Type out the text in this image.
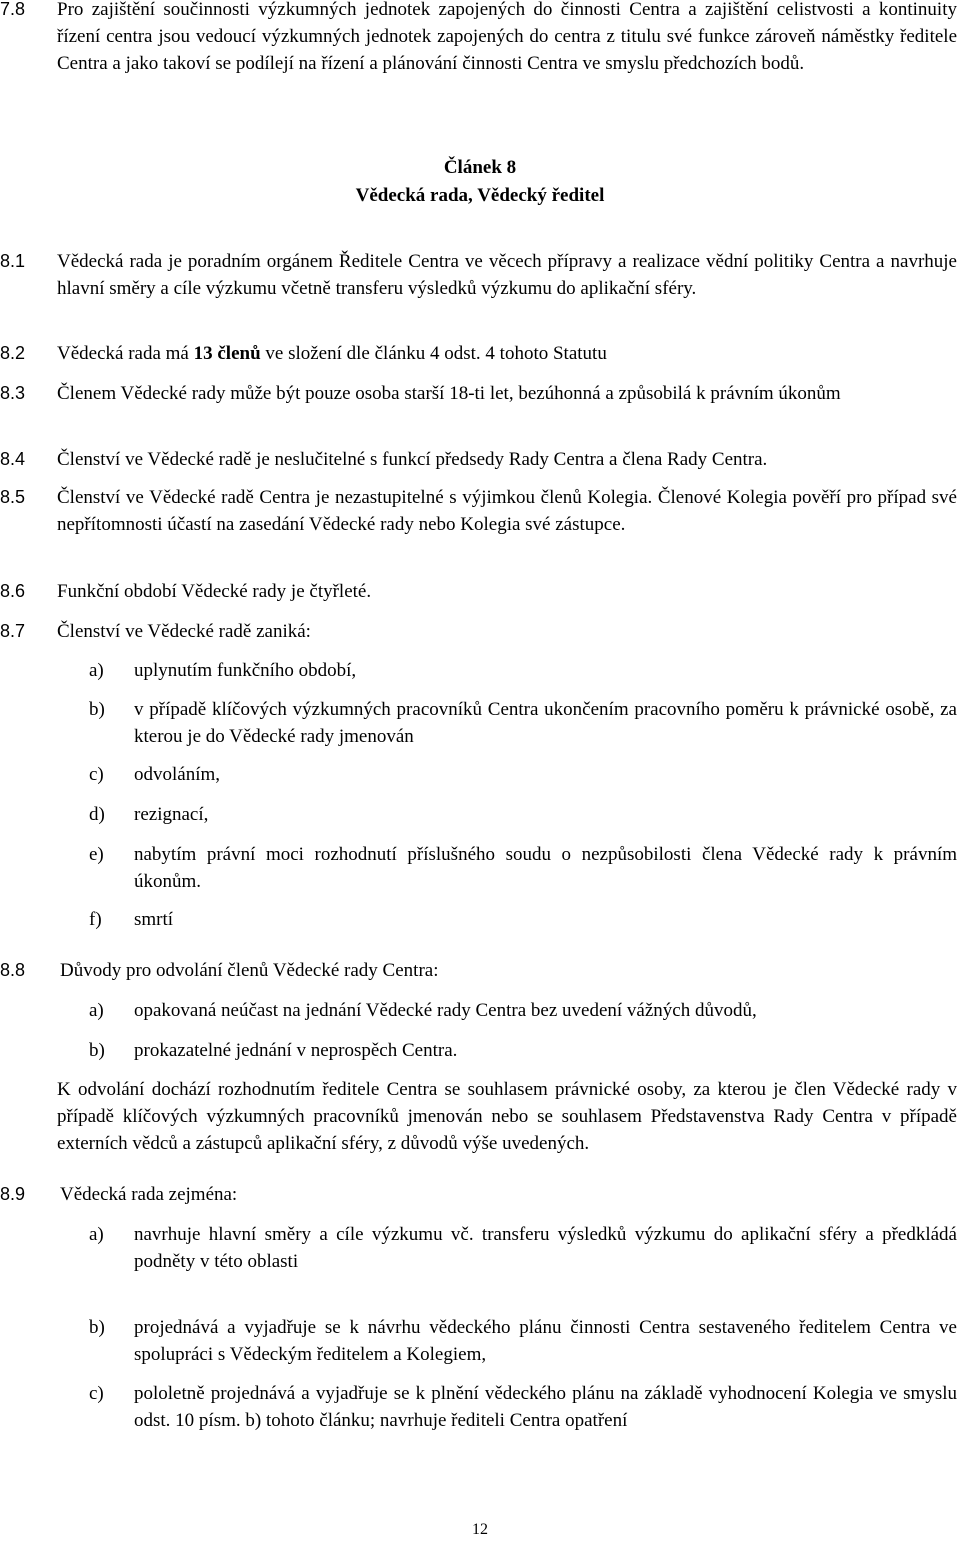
7.8	Pro zajištění součinnosti výzkumných jednotek zapojených do činnosti Centra a zajištění celistvosti a kontinuity řízení centra jsou vedoucí výzkumných jednotek zapojených do centra z titulu své funkce zároveň náměstky ředitele Centra a jako takoví se podílejí na řízení a plánování činnosti Centra ve smyslu předchozích bodů.
Článek 8
Vědecká rada, Vědecký ředitel
8.1	Vědecká rada je poradním orgánem Ředitele Centra ve věcech přípravy a realizace vědní politiky Centra a navrhuje hlavní směry a cíle výzkumu včetně transferu výsledků výzkumu do aplikační sféry.
8.2	Vědecká rada má 13 členů ve složení dle článku 4 odst. 4 tohoto Statutu
8.3	Členem Vědecké rady může být pouze osoba starší 18-ti let, bezúhonná a způsobilá k právním úkonům
8.4	Členství ve Vědecké radě je neslučitelné s funkcí předsedy Rady Centra a člena Rady Centra.
8.5	Členství ve Vědecké radě Centra je nezastupitelné s výjimkou členů Kolegia. Členové Kolegia pověří pro případ své nepřítomnosti účastí na zasedání Vědecké rady nebo Kolegia své zástupce.
8.6	Funkční období Vědecké rady je čtyřleté.
8.7	Členství ve Vědecké radě zaniká:
a)	uplynutím funkčního období,
b)	v případě klíčových výzkumných pracovníků Centra ukončením pracovního poměru k právnické osobě, za kterou je do Vědecké rady jmenován
c)	odvoláním,
d)	rezignací,
e)	nabytím právní moci rozhodnutí příslušného soudu o nezpůsobilosti člena Vědecké rady k právním úkonům.
f)	smrtí
8.8	Důvody pro odvolání členů Vědecké rady Centra:
a)	opakovaná neúčast na jednání Vědecké rady Centra bez uvedení vážných důvodů,
b)	prokazatelné jednání v neprospěch Centra.
K odvolání dochází rozhodnutím ředitele Centra se souhlasem právnické osoby, za kterou je člen Vědecké rady v případě klíčových výzkumných pracovníků jmenován nebo se souhlasem Představenstva Rady Centra v případě externích vědců a zástupců aplikační sféry, z důvodů výše uvedených.
8.9	Vědecká rada zejména:
a)	navrhuje hlavní směry a cíle výzkumu vč. transferu výsledků výzkumu do aplikační sféry a předkládá podněty v této oblasti
b)	projednává a vyjadřuje se k návrhu vědeckého plánu činnosti Centra sestaveného ředitelem Centra ve spolupráci s Vědeckým ředitelem a Kolegiem,
c)	pololetně projednává a vyjadřuje se k plnění vědeckého plánu na základě vyhodnocení Kolegia ve smyslu odst. 10 písm. b) tohoto článku; navrhuje řediteli Centra opatření
12
